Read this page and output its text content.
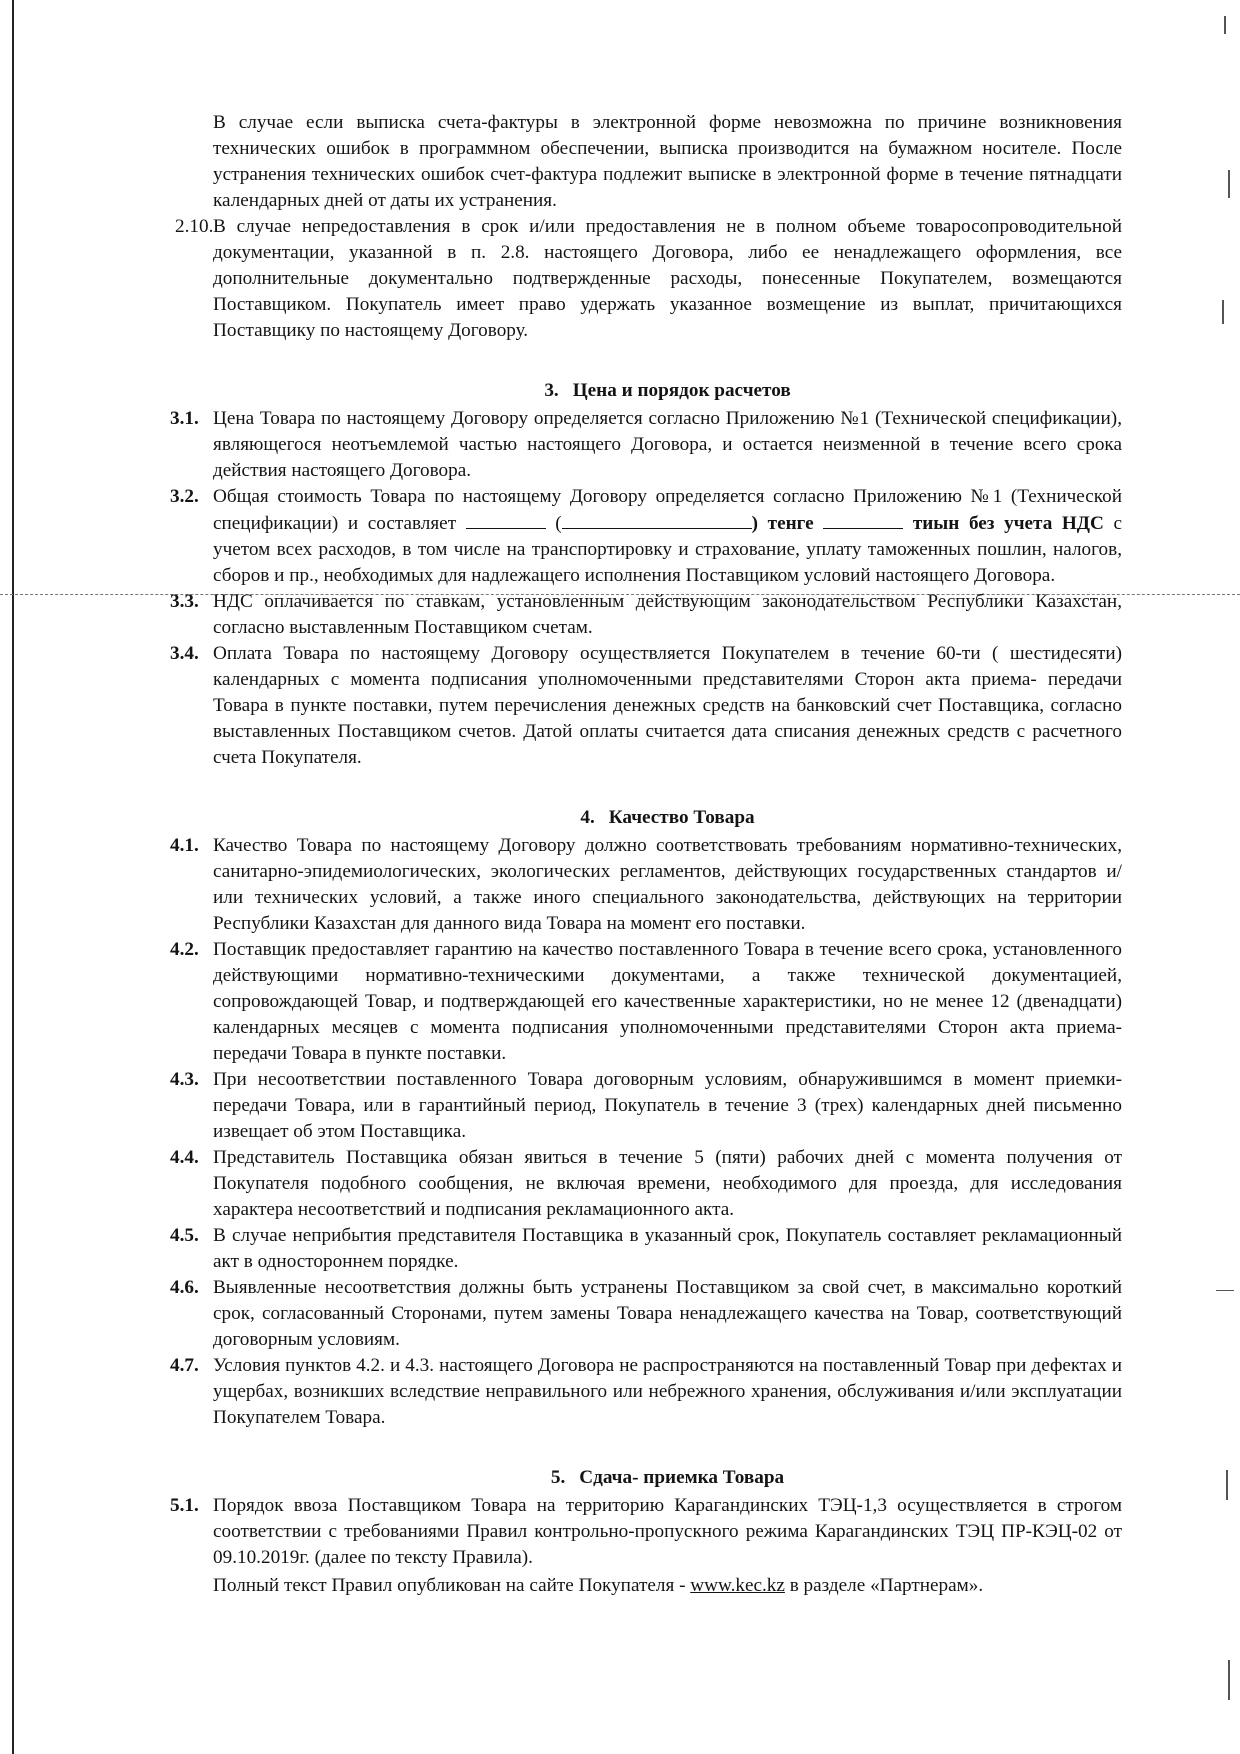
В случае если выписка счета-фактуры в электронной форме невозможна по причине возникновения технических ошибок в программном обеспечении, выписка производится на бумажном носителе. После устранения технических ошибок счет-фактура подлежит выписке в электронной форме в течение пятнадцати календарных дней от даты их устранения.

2.10. В случае непредоставления в срок и/или предоставления не в полном объеме товаросопроводительной документации, указанной в п. 2.8. настоящего Договора, либо ее ненадлежащего оформления, все дополнительные документально подтвержденные расходы, понесенные Покупателем, возмещаются Поставщиком. Покупатель имеет право удержать указанное возмещение из выплат, причитающихся Поставщику по настоящему Договору.
3. Цена и порядок расчетов
3.1. Цена Товара по настоящему Договору определяется согласно Приложению №1 (Технической спецификации), являющегося неотъемлемой частью настоящего Договора, и остается неизменной в течение всего срока действия настоящего Договора.
3.2. Общая стоимость Товара по настоящему Договору определяется согласно Приложению №1 (Технической спецификации) и составляет	(	) тенге	тиын без учета НДС с учетом всех расходов, в том числе на транспортировку и страхование, уплату таможенных пошлин, налогов, сборов и пр., необходимых для надлежащего исполнения Поставщиком условий настоящего Договора.
3.3. НДС оплачивается по ставкам, установленным действующим законодательством Республики Казахстан, согласно выставленным Поставщиком счетам.
3.4. Оплата Товара по настоящему Договору осуществляется Покупателем в течение 60-ти ( шестидесяти) календарных с момента подписания уполномоченными представителями Сторон акта приема- передачи Товара в пункте поставки, путем перечисления денежных средств на банковский счет Поставщика, согласно выставленных Поставщиком счетов. Датой оплаты считается дата списания денежных средств с расчетного счета Покупателя.
4. Качество Товара
4.1. Качество Товара по настоящему Договору должно соответствовать требованиям нормативно-технических, санитарно-эпидемиологических, экологических регламентов, действующих государственных стандартов и/или технических условий, а также иного специального законодательства, действующих на территории Республики Казахстан для данного вида Товара на момент его поставки.
4.2. Поставщик предоставляет гарантию на качество поставленного Товара в течение всего срока, установленного действующими нормативно-техническими документами, а также технической документацией, сопровождающей Товар, и подтверждающей его качественные характеристики, но не менее 12 (двенадцати) календарных месяцев с момента подписания уполномоченными представителями Сторон акта приема-передачи Товара в пункте поставки.
4.3. При несоответствии поставленного Товара договорным условиям, обнаружившимся в момент приемки-передачи Товара, или в гарантийный период, Покупатель в течение 3 (трех) календарных дней письменно извещает об этом Поставщика.
4.4. Представитель Поставщика обязан явиться в течение 5 (пяти) рабочих дней с момента получения от Покупателя подобного сообщения, не включая времени, необходимого для проезда, для исследования характера несоответствий и подписания рекламационного акта.
4.5. В случае неприбытия представителя Поставщика в указанный срок, Покупатель составляет рекламационный акт в одностороннем порядке.
4.6. Выявленные несоответствия должны быть устранены Поставщиком за свой счет, в максимально короткий срок, согласованный Сторонами, путем замены Товара ненадлежащего качества на Товар, соответствующий договорным условиям.
4.7. Условия пунктов 4.2. и 4.3. настоящего Договора не распространяются на поставленный Товар при дефектах и ущербах, возникших вследствие неправильного или небрежного хранения, обслуживания и/или эксплуатации Покупателем Товара.
5. Сдача- приемка Товара
5.1. Порядок ввоза Поставщиком Товара на территорию Карагандинских ТЭЦ-1,3 осуществляется в строгом соответствии с требованиями Правил контрольно-пропускного режима Карагандинских ТЭЦ ПР-КЭЦ-02 от 09.10.2019г. (далее по тексту Правила).

Полный текст Правил опубликован на сайте Покупателя - www.kec.kz в разделе «Партнерам».
